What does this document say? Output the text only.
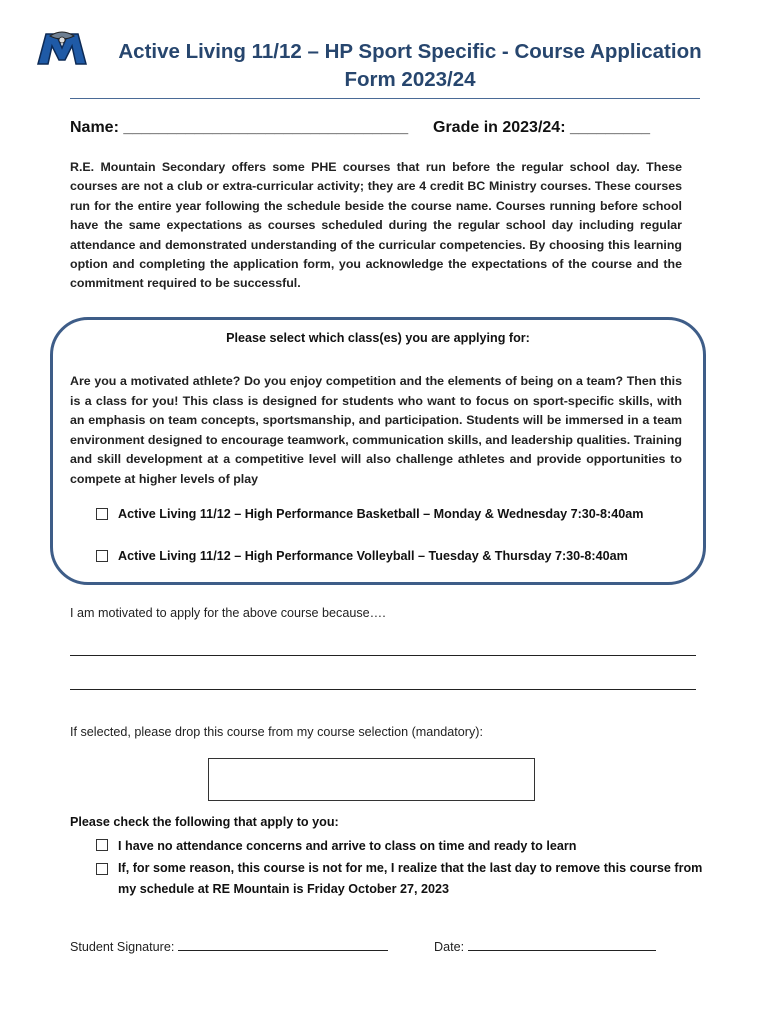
Active Living 11/12 – HP Sport Specific - Course Application
Form 2023/24
Name: ________________________________ Grade in 2023/24: _________
R.E. Mountain Secondary offers some PHE courses that run before the regular school day. These courses are not a club or extra-curricular activity; they are 4 credit BC Ministry courses. These courses run for the entire year following the schedule beside the course name. Courses running before school have the same expectations as courses scheduled during the regular school day including regular attendance and demonstrated understanding of the curricular competencies. By choosing this learning option and completing the application form, you acknowledge the expectations of the course and the commitment required to be successful.
Please select which class(es) you are applying for:
Are you a motivated athlete? Do you enjoy competition and the elements of being on a team? Then this is a class for you! This class is designed for students who want to focus on sport-specific skills, with an emphasis on team concepts, sportsmanship, and participation. Students will be immersed in a team environment designed to encourage teamwork, communication skills, and leadership qualities. Training and skill development at a competitive level will also challenge athletes and provide opportunities to compete at higher levels of play
Active Living 11/12 – High Performance Basketball – Monday & Wednesday 7:30-8:40am
Active Living 11/12 – High Performance Volleyball – Tuesday & Thursday 7:30-8:40am
I am motivated to apply for the above course because….
If selected, please drop this course from my course selection (mandatory):
Please check the following that apply to you:
I have no attendance concerns and arrive to class on time and ready to learn
If, for some reason, this course is not for me, I realize that the last day to remove this course from my schedule at RE Mountain is Friday October 27, 2023
Student Signature:	Date:
